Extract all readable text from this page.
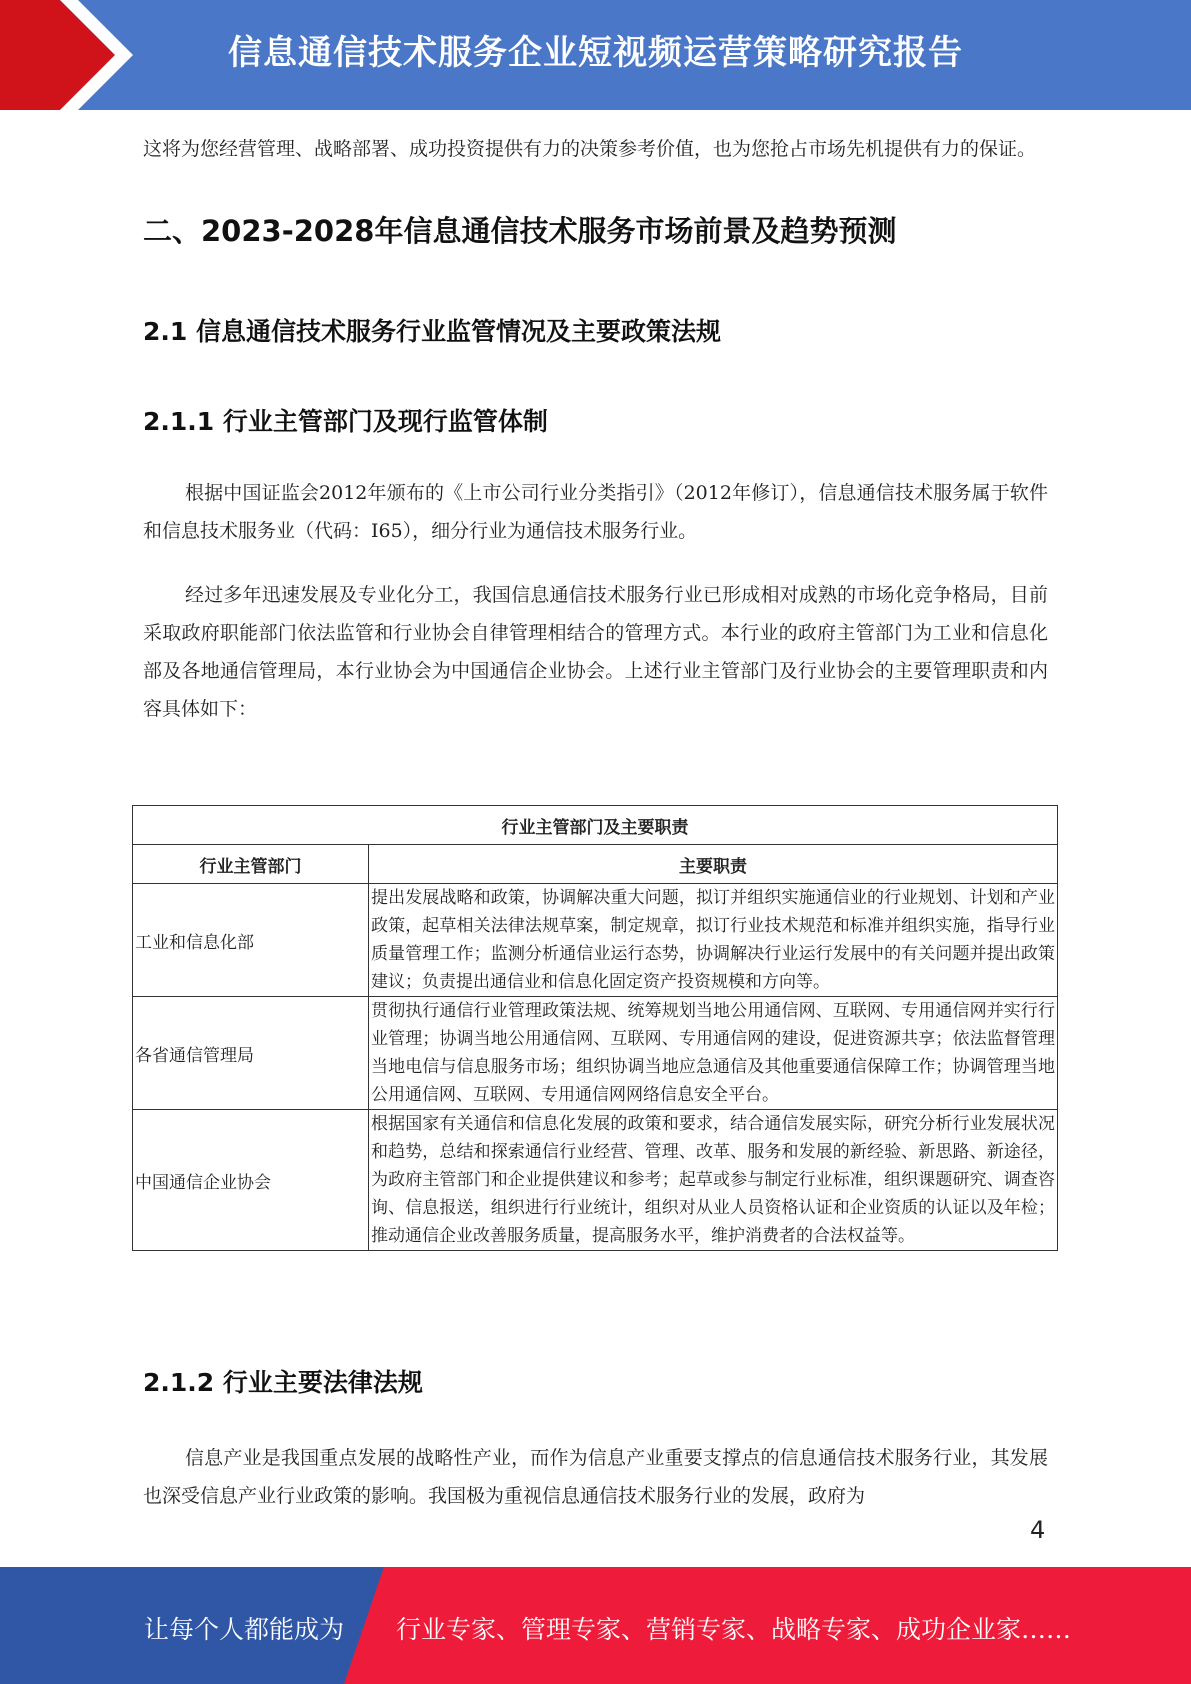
信息通信技术服务企业短视频运营策略研究报告

这将为您经营管理、战略部署、成功投资提供有力的决策参考价值，也为您抢占市场先机提供有力的保证。

二、2023-2028年信息通信技术服务市场前景及趋势预测
2.1 信息通信技术服务行业监管情况及主要政策法规
2.1.1 行业主管部门及现行监管体制

根据中国证监会2012年颁布的《上市公司行业分类指引》（2012年修订），信息通信技术服务属于软件和信息技术服务业（代码：I65），细分行业为通信技术服务行业。

经过多年迅速发展及专业化分工，我国信息通信技术服务行业已形成相对成熟的市场化竞争格局，目前采取政府职能部门依法监管和行业协会自律管理相结合的管理方式。本行业的政府主管部门为工业和信息化部及各地通信管理局，本行业协会为中国通信企业协会。上述行业主管部门及行业协会的主要管理职责和内容具体如下：

行业主管部门及主要职责	
行业主管部门	主要职责
工业和信息化部	提出发展战略和政策，协调解决重大问题，拟订并组织实施通信业的行业规划、计划和产业政策，起草相关法律法规草案，制定规章，拟订行业技术规范和标准并组织实施，指导行业质量管理工作；监测分析通信业运行态势，协调解决行业运行发展中的有关问题并提出政策建议；负责提出通信业和信息化固定资产投资规模和方向等。
各省通信管理局	贯彻执行通信行业管理政策法规、统筹规划当地公用通信网、互联网、专用通信网并实行行业管理；协调当地公用通信网、互联网、专用通信网的建设，促进资源共享；依法监督管理当地电信与信息服务市场；组织协调当地应急通信及其他重要通信保障工作；协调管理当地公用通信网、互联网、专用通信网网络信息安全平台。
中国通信企业协会	根据国家有关通信和信息化发展的政策和要求，结合通信发展实际，研究分析行业发展状况和趋势，总结和探索通信行业经营、管理、改革、服务和发展的新经验、新思路、新途径，为政府主管部门和企业提供建议和参考；起草或参与制定行业标准，组织课题研究、调查咨询、信息报送，组织进行行业统计，组织对从业人员资格认证和企业资质的认证以及年检；推动通信企业改善服务质量，提高服务水平，维护消费者的合法权益等。
2.1.2 行业主要法律法规

信息产业是我国重点发展的战略性产业，而作为信息产业重要支撑点的信息通信技术服务行业，其发展也深受信息产业行业政策的影响。我国极为重视信息通信技术服务行业的发展，政府为

4
让每个人都能成为 行业专家、管理专家、营销专家、战略专家、成功企业家……
